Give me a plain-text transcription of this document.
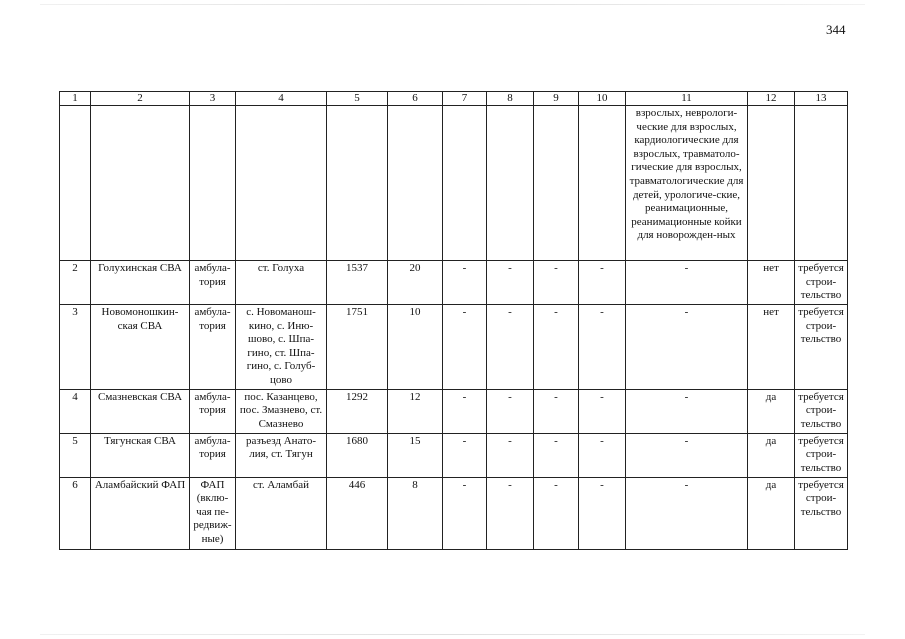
344
1	2	3	4	5	6	7	8	9	10	11	12	13
										взрослых, неврологи-ческие для взрослых, кардиологические для взрослых, травматоло-гические для взрослых, травматологические для детей, урологиче-ские, реанимационные, реанимационные койки для новорожден-ных		
2	Голухинская СВА	амбула-тория	ст. Голуха	1537	20	-	-	-	-	-	нет	требуется строи-тельство
3	Новомоношкин-ская СВА	амбула-тория	с. Новоманош-кино, с. Иню-шово, с. Шпа-гино, ст. Шпа-гино, с. Голуб-цово	1751	10	-	-	-	-	-	нет	требуется строи-тельство
4	Смазневская СВА	амбула-тория	пос. Казанцево, пос. Змазнево, ст. Смазнево	1292	12	-	-	-	-	-	да	требуется строи-тельство
5	Тягунская СВА	амбула-тория	разъезд Анато-лия, ст. Тягун	1680	15	-	-	-	-	-	да	требуется строи-тельство
6	Аламбайский ФАП	ФАП (вклю-чая пе-редвиж-ные)	ст. Аламбай	446	8	-	-	-	-	-	да	требуется строи-тельство
